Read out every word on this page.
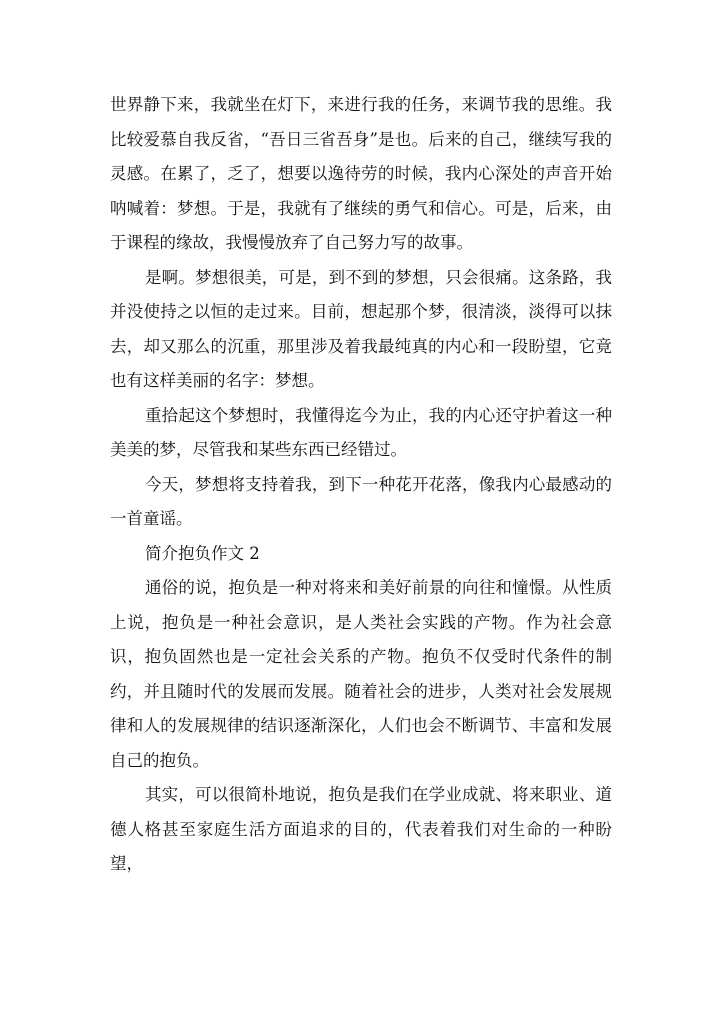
世界静下来，我就坐在灯下，来进行我的任务，来调节我的思维。我比较爱慕自我反省，“吾日三省吾身”是也。后来的自己，继续写我的灵感。在累了，乏了，想要以逸待劳的时候，我内心深处的声音开始呐喊着：梦想。于是，我就有了继续的勇气和信心。可是，后来，由于课程的缘故，我慢慢放弃了自己努力写的故事。

是啊。梦想很美，可是，到不到的梦想，只会很痛。这条路，我并没使持之以恒的走过来。目前，想起那个梦，很清淡，淡得可以抹去，却又那么的沉重，那里涉及着我最纯真的内心和一段盼望，它竟也有这样美丽的名字：梦想。

重拾起这个梦想时，我懂得迄今为止，我的内心还守护着这一种美美的梦，尽管我和某些东西已经错过。

今天，梦想将支持着我，到下一种花开花落，像我内心最感动的一首童谣。

简介抱负作文 2

通俗的说，抱负是一种对将来和美好前景的向往和憧憬。从性质上说，抱负是一种社会意识，是人类社会实践的产物。作为社会意识，抱负固然也是一定社会关系的产物。抱负不仅受时代条件的制约，并且随时代的发展而发展。随着社会的进步，人类对社会发展规律和人的发展规律的结识逐渐深化，人们也会不断调节、丰富和发展自己的抱负。

其实，可以很简朴地说，抱负是我们在学业成就、将来职业、道德人格甚至家庭生活方面追求的目的，代表着我们对生命的一种盼望，
